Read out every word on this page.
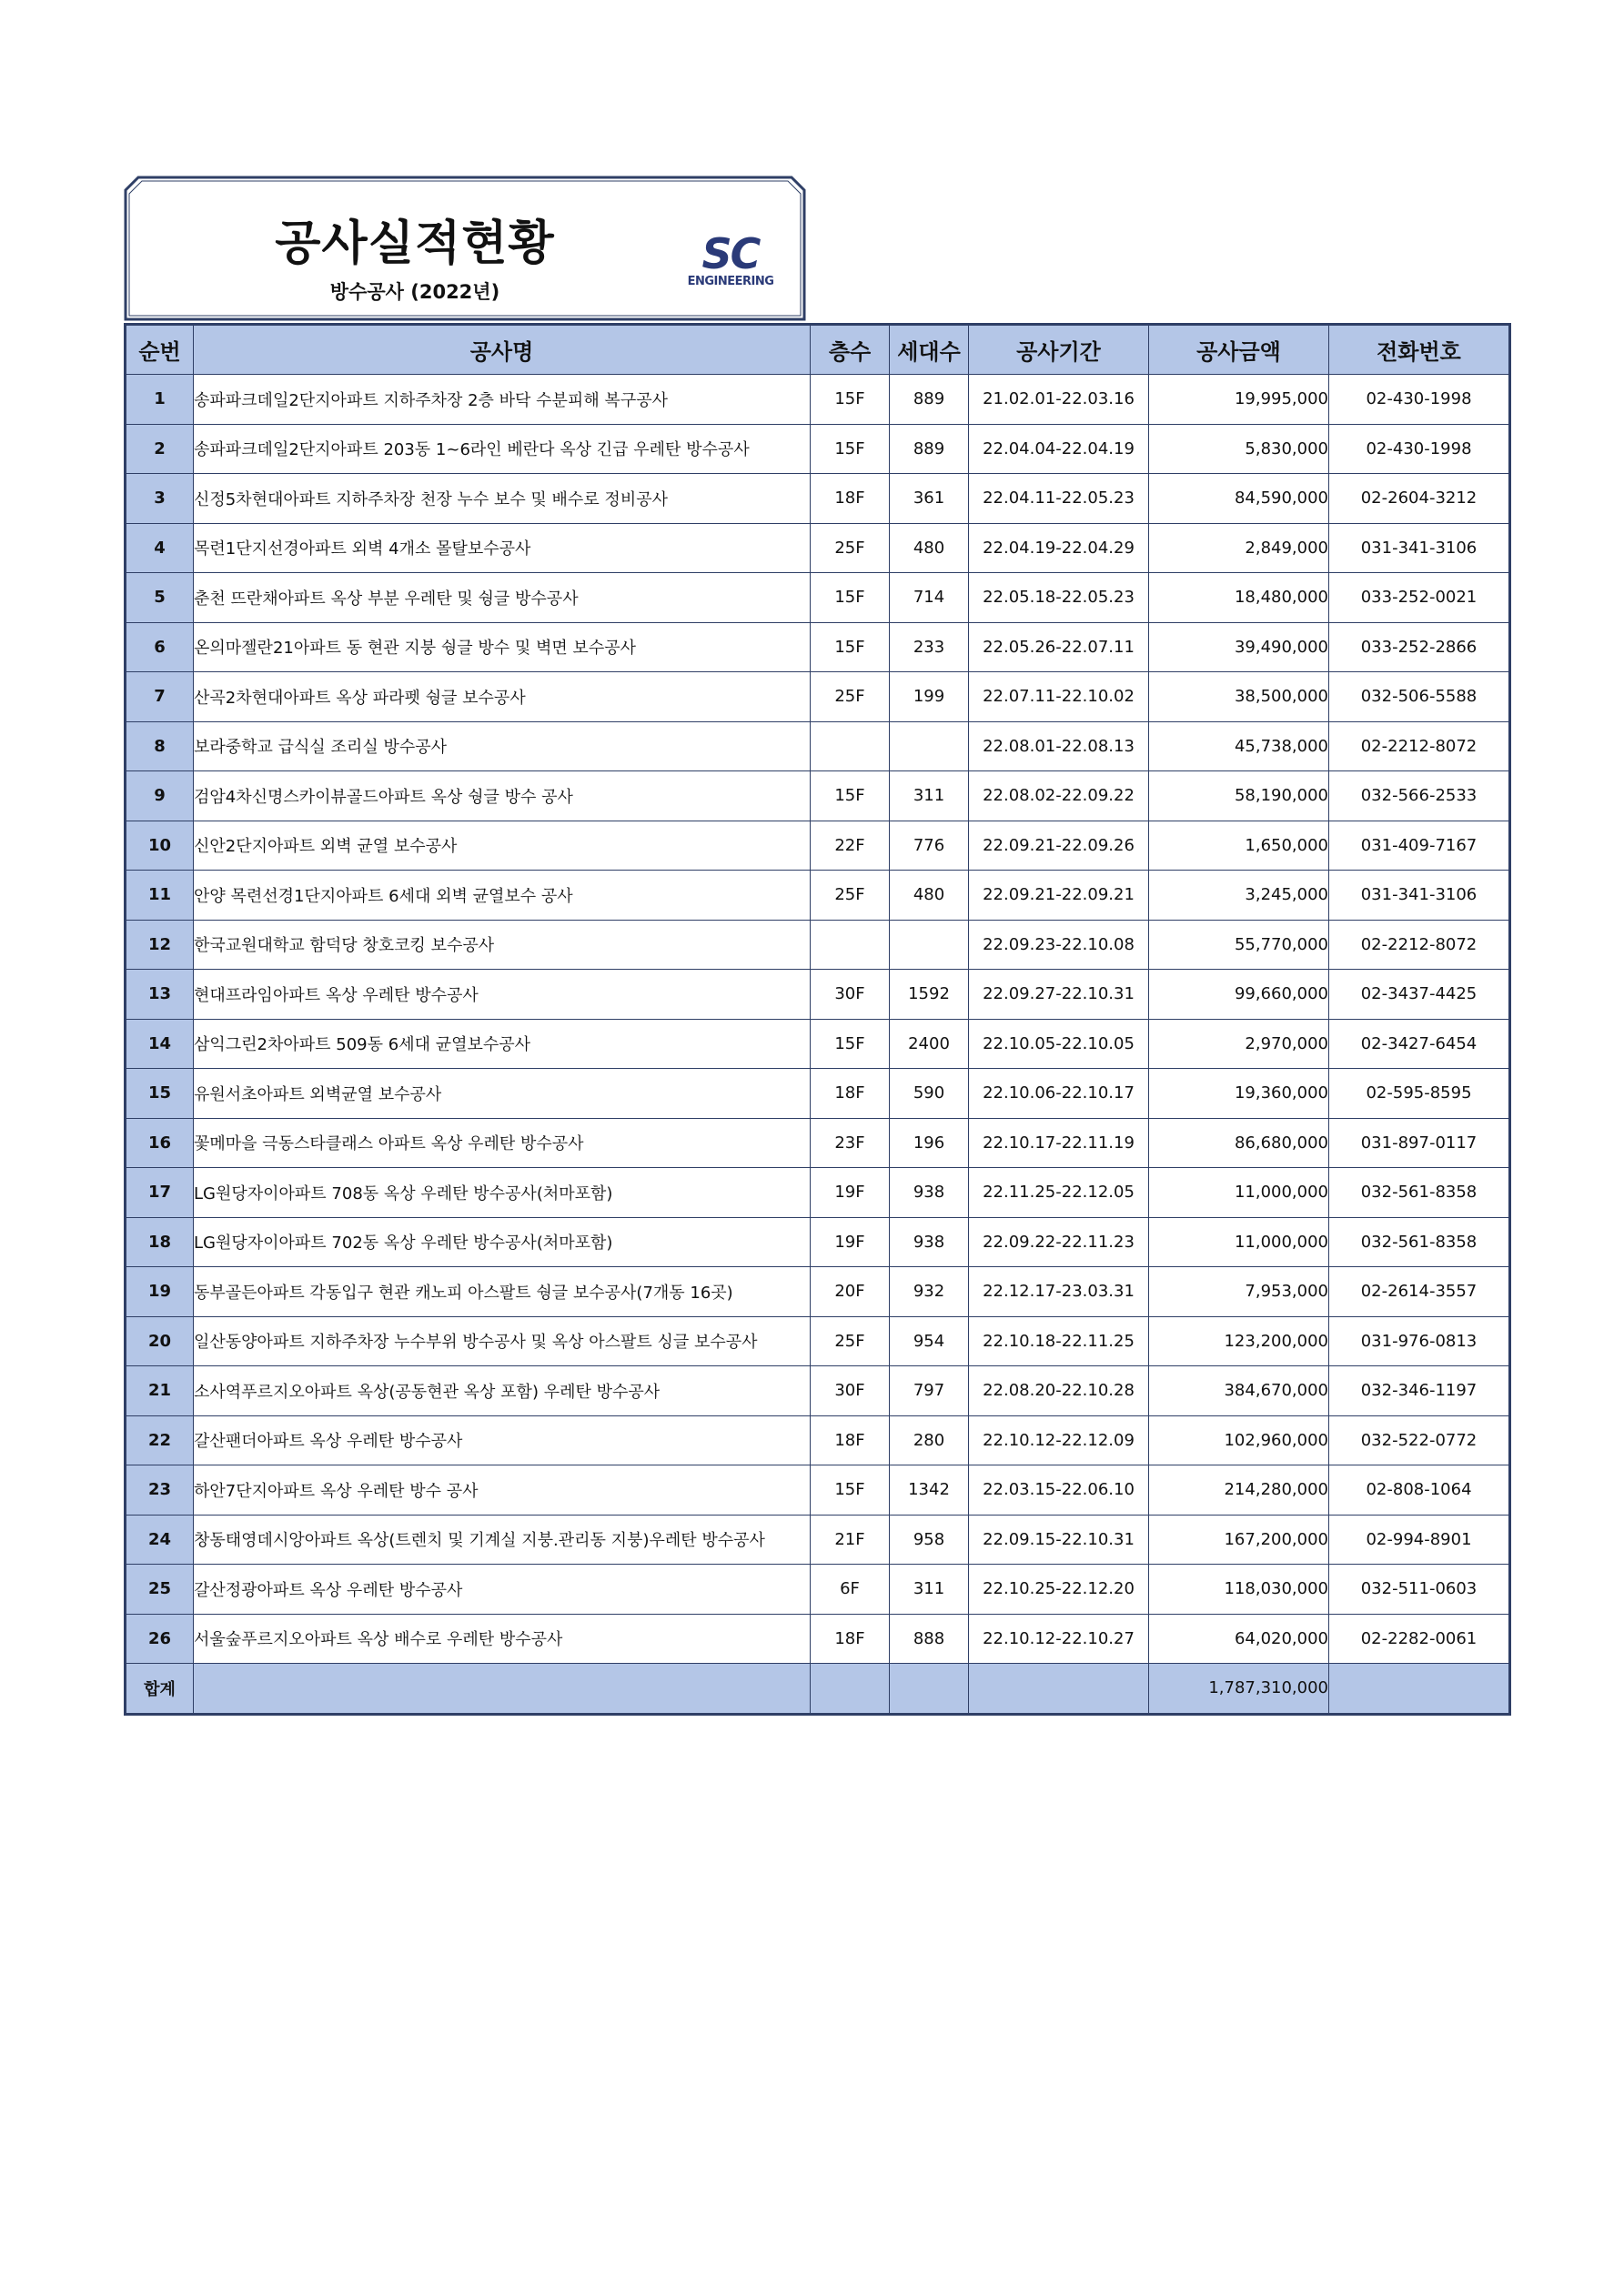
공사실적현황
방수공사 (2022년)
SC
ENGINEERING
순번	공사명	층수	세대수	공사기간	공사금액	전화번호
1	송파파크데일2단지아파트 지하주차장 2층 바닥 수분피해 복구공사	15F	889	21.02.01-22.03.16	19,995,000	02-430-1998
2	송파파크데일2단지아파트 203동 1~6라인 베란다 옥상 긴급 우레탄 방수공사	15F	889	22.04.04-22.04.19	5,830,000	02-430-1998
3	신정5차현대아파트 지하주차장 천장 누수 보수 및 배수로 정비공사	18F	361	22.04.11-22.05.23	84,590,000	02-2604-3212
4	목련1단지선경아파트 외벽 4개소 몰탈보수공사	25F	480	22.04.19-22.04.29	2,849,000	031-341-3106
5	춘천 뜨란채아파트 옥상 부분 우레탄 및 쉉글 방수공사	15F	714	22.05.18-22.05.23	18,480,000	033-252-0021
6	온의마젤란21아파트 동 현관 지붕 쉉글 방수 및 벽면 보수공사	15F	233	22.05.26-22.07.11	39,490,000	033-252-2866
7	산곡2차현대아파트 옥상 파라펫 쉉글 보수공사	25F	199	22.07.11-22.10.02	38,500,000	032-506-5588
8	보라중학교 급식실 조리실 방수공사			22.08.01-22.08.13	45,738,000	02-2212-8072
9	검암4차신명스카이뷰골드아파트 옥상 쉉글 방수 공사	15F	311	22.08.02-22.09.22	58,190,000	032-566-2533
10	신안2단지아파트 외벽 균열 보수공사	22F	776	22.09.21-22.09.26	1,650,000	031-409-7167
11	안양 목련선경1단지아파트 6세대 외벽 균열보수 공사	25F	480	22.09.21-22.09.21	3,245,000	031-341-3106
12	한국교원대학교 함덕당 창호코킹 보수공사			22.09.23-22.10.08	55,770,000	02-2212-8072
13	현대프라임아파트 옥상 우레탄 방수공사	30F	1592	22.09.27-22.10.31	99,660,000	02-3437-4425
14	삼익그린2차아파트 509동 6세대 균열보수공사	15F	2400	22.10.05-22.10.05	2,970,000	02-3427-6454
15	유원서초아파트 외벽균열 보수공사	18F	590	22.10.06-22.10.17	19,360,000	02-595-8595
16	꽃메마을 극동스타클래스 아파트 옥상 우레탄 방수공사	23F	196	22.10.17-22.11.19	86,680,000	031-897-0117
17	LG원당자이아파트 708동 옥상 우레탄 방수공사(처마포함)	19F	938	22.11.25-22.12.05	11,000,000	032-561-8358
18	LG원당자이아파트 702동 옥상 우레탄 방수공사(처마포함)	19F	938	22.09.22-22.11.23	11,000,000	032-561-8358
19	동부골든아파트 각동입구 현관 캐노피 아스팔트 쉉글 보수공사(7개동 16곳)	20F	932	22.12.17-23.03.31	7,953,000	02-2614-3557
20	일산동양아파트 지하주차장 누수부위 방수공사 및 옥상 아스팔트 싱글 보수공사	25F	954	22.10.18-22.11.25	123,200,000	031-976-0813
21	소사역푸르지오아파트 옥상(공동현관 옥상 포함) 우레탄 방수공사	30F	797	22.08.20-22.10.28	384,670,000	032-346-1197
22	갈산팬더아파트 옥상 우레탄 방수공사	18F	280	22.10.12-22.12.09	102,960,000	032-522-0772
23	하안7단지아파트 옥상 우레탄 방수 공사	15F	1342	22.03.15-22.06.10	214,280,000	02-808-1064
24	창동태영데시앙아파트 옥상(트렌치 및 기계실 지붕.관리동 지붕)우레탄 방수공사	21F	958	22.09.15-22.10.31	167,200,000	02-994-8901
25	갈산정광아파트 옥상 우레탄 방수공사	6F	311	22.10.25-22.12.20	118,030,000	032-511-0603
26	서울숲푸르지오아파트 옥상 배수로 우레탄 방수공사	18F	888	22.10.12-22.10.27	64,020,000	02-2282-0061
합계					1,787,310,000	
